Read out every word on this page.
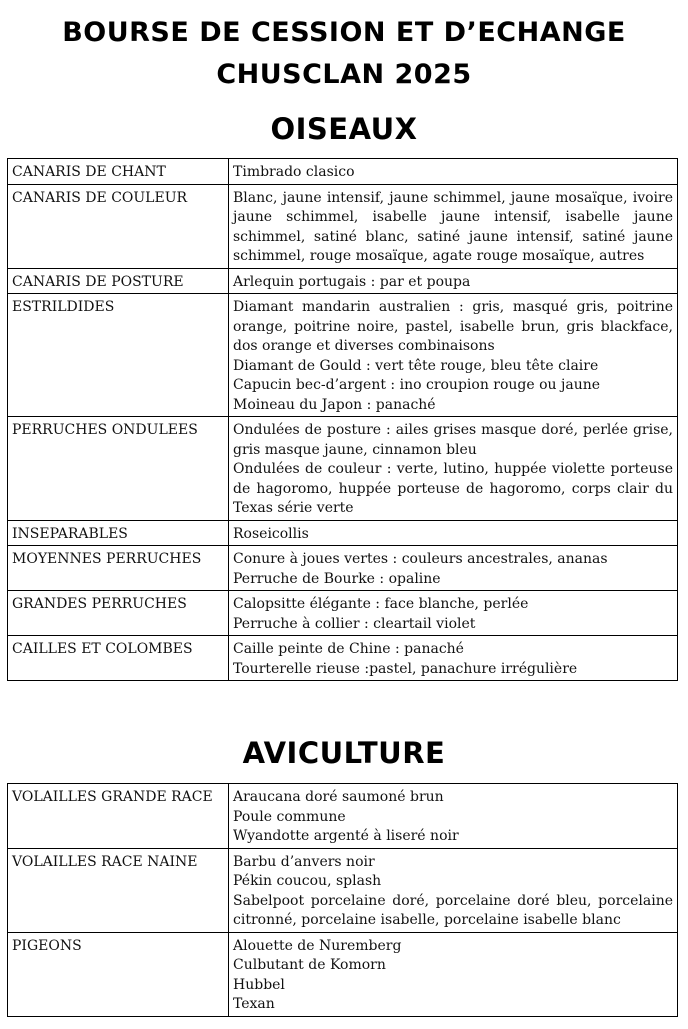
BOURSE DE CESSION ET D’ECHANGE
CHUSCLAN 2025
OISEAUX
CANARIS DE CHANT	Timbrado clasico

CANARIS DE COULEUR	Blanc, jaune intensif, jaune schimmel, jaune mosaïque, ivoire jaune schimmel, isabelle jaune intensif, isabelle jaune schimmel, satiné blanc, satiné jaune intensif, satiné jaune schimmel, rouge mosaïque, agate rouge mosaïque, autres

CANARIS DE POSTURE	Arlequin portugais : par et poupa

ESTRILDIDES	Diamant mandarin australien : gris, masqué gris, poitrine orange, poitrine noire, pastel, isabelle brun, gris blackface, dos orange et diverses combinaisons
Diamant de Gould : vert tête rouge, bleu tête claire
Capucin bec-d’argent : ino croupion rouge ou jaune
Moineau du Japon : panaché

PERRUCHES ONDULEES	Ondulées de posture : ailes grises masque doré, perlée grise, gris masque jaune, cinnamon bleu
Ondulées de couleur : verte, lutino, huppée violette porteuse de hagoromo, huppée porteuse de hagoromo, corps clair du Texas série verte

INSEPARABLES	Roseicollis

MOYENNES PERRUCHES	Conure à joues vertes : couleurs ancestrales, ananas
Perruche de Bourke : opaline

GRANDES PERRUCHES	Calopsitte élégante : face blanche, perlée
Perruche à collier : cleartail violet

CAILLES ET COLOMBES	Caille peinte de Chine : panaché
Tourterelle rieuse :pastel, panachure irrégulière
AVICULTURE
VOLAILLES GRANDE RACE	Araucana doré saumoné brun
Poule commune
Wyandotte argenté à liseré noir

VOLAILLES RACE NAINE	Barbu d’anvers noir
Pékin coucou, splash
Sabelpoot porcelaine doré, porcelaine doré bleu, porcelaine citronné, porcelaine isabelle, porcelaine isabelle blanc

PIGEONS	Alouette de Nuremberg
Culbutant de Komorn
Hubbel
Texan
